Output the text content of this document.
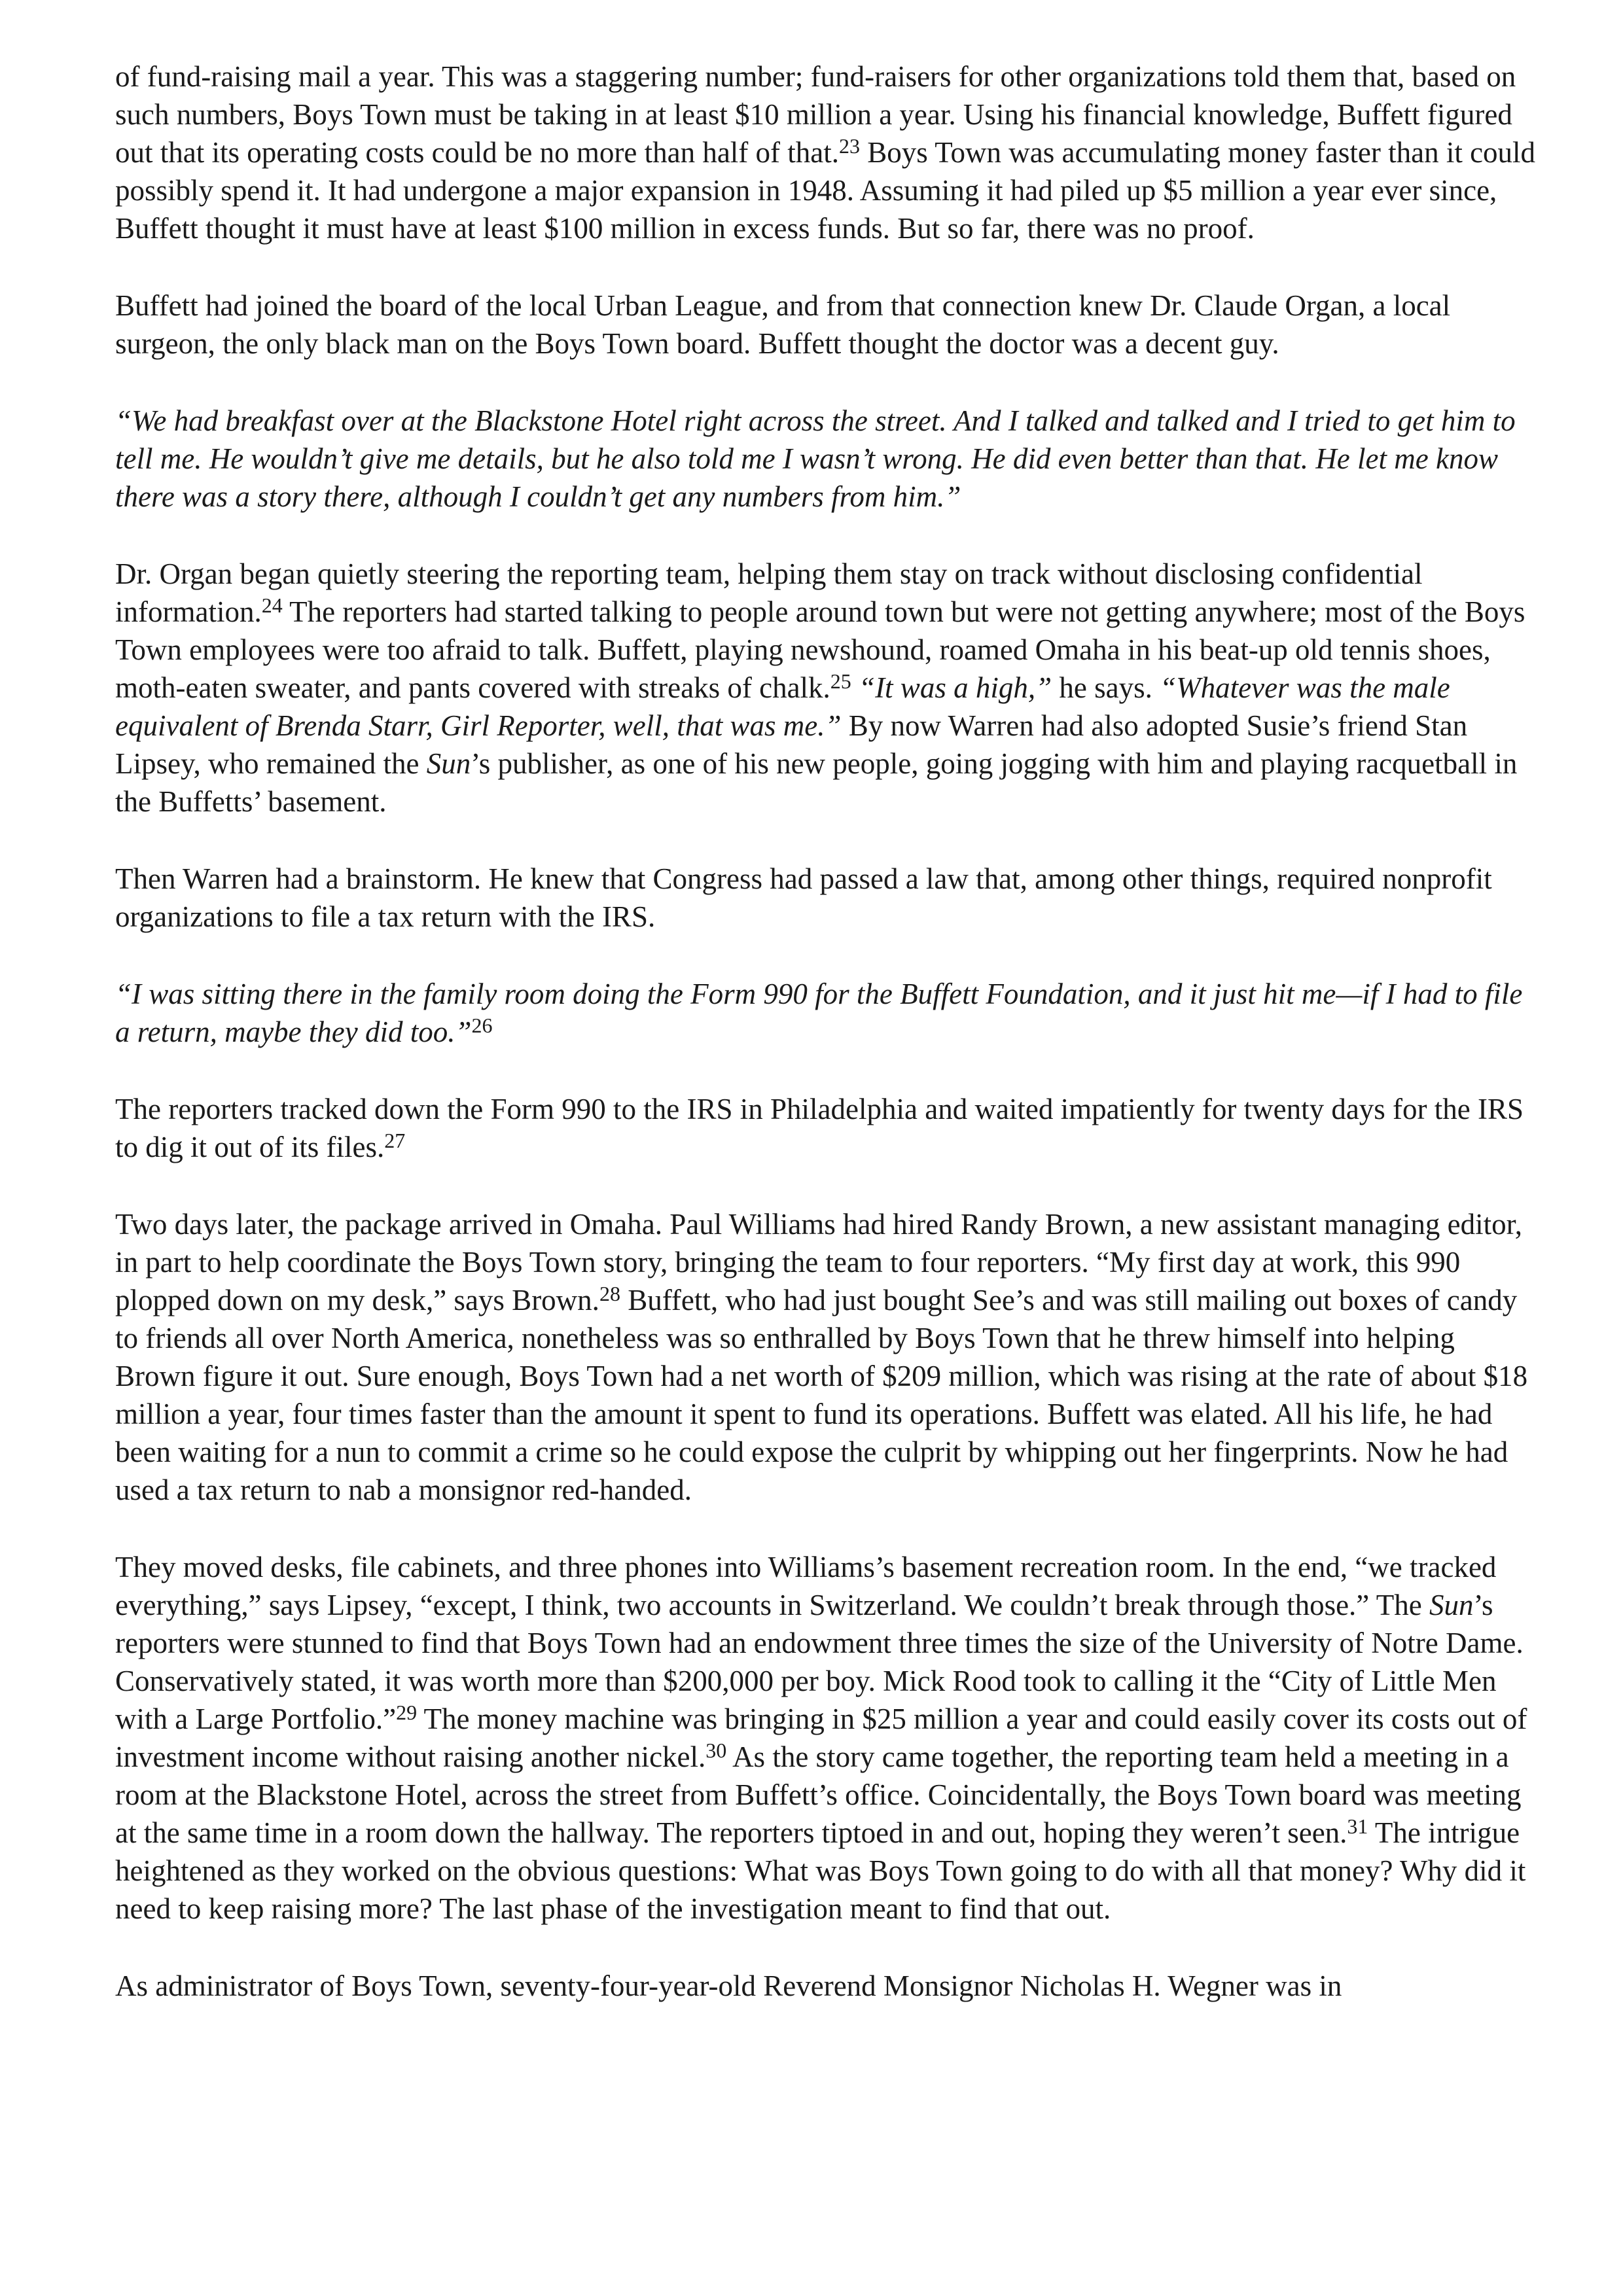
of fund-raising mail a year. This was a staggering number; fund-raisers for other organizations told them that, based on such numbers, Boys Town must be taking in at least $10 million a year. Using his financial knowledge, Buffett figured out that its operating costs could be no more than half of that.$^{23}$ Boys Town was accumulating money faster than it could possibly spend it. It had undergone a major expansion in 1948. Assuming it had piled up $5 million a year ever since, Buffett thought it must have at least $100 million in excess funds. But so far, there was no proof.

Buffett had joined the board of the local Urban League, and from that connection knew Dr. Claude Organ, a local surgeon, the only black man on the Boys Town board. Buffett thought the doctor was a decent guy.

“We had breakfast over at the Blackstone Hotel right across the street. And I talked and talked and I tried to get him to tell me. He wouldn’t give me details, but he also told me I wasn’t wrong. He did even better than that. He let me know there was a story there, although I couldn’t get any numbers from him.”

Dr. Organ began quietly steering the reporting team, helping them stay on track without disclosing confidential information.$^{24}$ The reporters had started talking to people around town but were not getting anywhere; most of the Boys Town employees were too afraid to talk. Buffett, playing newshound, roamed Omaha in his beat-up old tennis shoes, moth-eaten sweater, and pants covered with streaks of chalk.$^{25}$ “It was a high,” he says. “Whatever was the male equivalent of Brenda Starr, Girl Reporter, well, that was me.” By now Warren had also adopted Susie’s friend Stan Lipsey, who remained the Sun’s publisher, as one of his new people, going jogging with him and playing racquetball in the Buffetts’ basement.

Then Warren had a brainstorm. He knew that Congress had passed a law that, among other things, required nonprofit organizations to file a tax return with the IRS.

“I was sitting there in the family room doing the Form 990 for the Buffett Foundation, and it just hit me—if I had to file a return, maybe they did too.”$^{26}$

The reporters tracked down the Form 990 to the IRS in Philadelphia and waited impatiently for twenty days for the IRS to dig it out of its files.$^{27}$

Two days later, the package arrived in Omaha. Paul Williams had hired Randy Brown, a new assistant managing editor, in part to help coordinate the Boys Town story, bringing the team to four reporters. “My first day at work, this 990 plopped down on my desk,” says Brown.$^{28}$ Buffett, who had just bought See’s and was still mailing out boxes of candy to friends all over North America, nonetheless was so enthralled by Boys Town that he threw himself into helping Brown figure it out. Sure enough, Boys Town had a net worth of $209 million, which was rising at the rate of about $18 million a year, four times faster than the amount it spent to fund its operations. Buffett was elated. All his life, he had been waiting for a nun to commit a crime so he could expose the culprit by whipping out her fingerprints. Now he had used a tax return to nab a monsignor red-handed.

They moved desks, file cabinets, and three phones into Williams’s basement recreation room. In the end, “we tracked everything,” says Lipsey, “except, I think, two accounts in Switzerland. We couldn’t break through those.” The Sun’s reporters were stunned to find that Boys Town had an endowment three times the size of the University of Notre Dame. Conservatively stated, it was worth more than $200,000 per boy. Mick Rood took to calling it the “City of Little Men with a Large Portfolio.”$^{29}$ The money machine was bringing in $25 million a year and could easily cover its costs out of investment income without raising another nickel.$^{30}$ As the story came together, the reporting team held a meeting in a room at the Blackstone Hotel, across the street from Buffett’s office. Coincidentally, the Boys Town board was meeting at the same time in a room down the hallway. The reporters tiptoed in and out, hoping they weren’t seen.$^{31}$ The intrigue heightened as they worked on the obvious questions: What was Boys Town going to do with all that money? Why did it need to keep raising more? The last phase of the investigation meant to find that out.

As administrator of Boys Town, seventy-four-year-old Reverend Monsignor Nicholas H. Wegner was in
